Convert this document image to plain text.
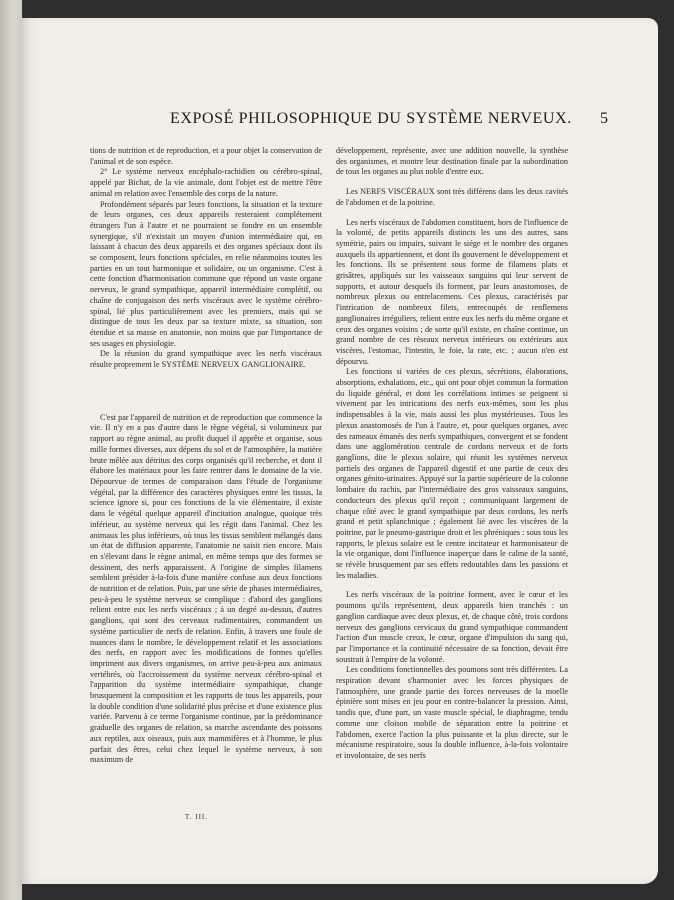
EXPOSÉ PHILOSOPHIQUE DU SYSTÈME NERVEUX. 5

tions de nutrition et de reproduction, et a pour objet la conservation de l'animal et de son espèce.

2° Le système nerveux encéphalo-rachidien ou cérébro-spinal, appelé par Bichat, de la vie animale, dont l'objet est de mettre l'être animal en relation avec l'ensemble des corps de la nature.

Profondément séparés par leurs fonctions, la situation et la texture de leurs organes, ces deux appareils resteraient complétement étrangers l'un à l'autre et ne pourraient se fondre en un ensemble synergique, s'il n'existait un moyen d'union intermédiaire qui, en laissant à chacun des deux appareils et des organes spéciaux dont ils se composent, leurs fonctions spéciales, en relie néanmoins toutes les parties en un tout harmonique et solidaire, ou un organisme. C'est à cette fonction d'harmonisation commune que répond un vaste organe nerveux, le grand sympathique, appareil intermédiaire complétif, ou chaîne de conjugaison des nerfs viscéraux avec le système cérébro-spinal, lié plus particulièrement avec les premiers, mais qui se distingue de tous les deux par sa texture mixte, sa situation, son étendue et sa masse en anatomie, non moins que par l'importance de ses usages en physiologie.

De la réunion du grand sympathique avec les nerfs viscéraux résulte proprement le SYSTÈME NERVEUX GANGLIONAIRE.

C'est par l'appareil de nutrition et de reproduction que commence la vie. Il n'y en a pas d'autre dans le règne végétal, si volumineux par rapport au règne animal, au profit duquel il apprête et organise, sous mille formes diverses, aux dépens du sol et de l'atmosphère, la matière brute mêlée aux détritus des corps organisés qu'il recherche, et dont il élabore les matériaux pour les faire rentrer dans le domaine de la vie. Dépourvue de termes de comparaison dans l'étude de l'organisme végétal, par la différence des caractères physiques entre les tissus, la science ignore si, pour ces fonctions de la vie élémentaire, il existe dans le végétal quelque appareil d'incitation analogue, quoique très inférieur, au système nerveux qui les régit dans l'animal. Chez les animaux les plus inférieurs, où tous les tissus semblent mélangés dans un état de diffusion apparente, l'anatomie ne saisit rien encore. Mais en s'élevant dans le règne animal, en même temps que des formes se dessinent, des nerfs apparaissent. A l'origine de simples filamens semblent présider à-la-fois d'une manière confuse aux deux fonctions de nutrition et de relation. Puis, par une série de phases intermédiaires, peu-à-peu le système nerveux se complique : d'abord des ganglions relient entre eux les nerfs viscéraux ; à un degré au-dessus, d'autres ganglions, qui sont des cerveaux rudimentaires, commandent un système particulier de nerfs de relation. Enfin, à travers une foule de nuances dans le nombre, le développement relatif et les associations des nerfs, en rapport avec les modifications de formes qu'elles impriment aux divers organismes, on arrive peu-à-peu aux animaux vertébrés, où l'accroissement du système nerveux cérébro-spinal et l'apparition du système intermédiaire sympathique, change brusquement la composition et les rapports de tous les appareils, pour la double condition d'une solidarité plus précise et d'une existence plus variée. Parvenu à ce terme l'organisme continue, par la prédominance graduelle des organes de relation, sa marche ascendante des poissons aux reptiles, aux oiseaux, puis aux mammifères et à l'homme, le plus parfait des êtres, celui chez lequel le système nerveux, à son maximum de

développement, représente, avec une addition nouvelle, la synthèse des organismes, et montre leur destination finale par la subordination de tous les organes au plus noble d'entre eux.

Les NERFS VISCÉRAUX sont très différens dans les deux cavités de l'abdomen et de la poitrine.

Les nerfs viscéraux de l'abdomen constituent, hors de l'influence de la volonté, de petits appareils distincts les uns des autres, sans symétrie, pairs ou impairs, suivant le siége et le nombre des organes auxquels ils appartiennent, et dont ils gouvernent le développement et les fonctions. Ils se présentent sous forme de filamens plats et grisâtres, appliqués sur les vaisseaux sanguins qui leur servent de supports, et autour desquels ils forment, par leurs anastomoses, de nombreux plexus ou entrelacemens. Ces plexus, caractérisés par l'intrication de nombreux filets, entrecoupés de renflemens ganglionaires irréguliers, relient entre eux les nerfs du même organe et ceux des organes voisins ; de sorte qu'il existe, en chaîne continue, un grand nombre de ces réseaux nerveux intérieurs ou extérieurs aux viscères, l'estomac, l'intestin, le foie, la rate, etc. ; aucun n'en est dépourvu.

Les fonctions si variées de ces plexus, sécrétions, élaborations, absorptions, exhalations, etc., qui ont pour objet commun la formation du liquide général, et dont les corrélations intimes se peignent si vivement par les intrications des nerfs eux-mêmes, sont les plus indispensables à la vie, mais aussi les plus mystérieuses. Tous les plexus anastomosés de l'un à l'autre, et, pour quelques organes, avec des rameaux émanés des nerfs sympathiques, convergent et se fondent dans une agglomération centrale de cordons nerveux et de forts ganglions, dite le plexus solaire, qui réunit les systèmes nerveux partiels des organes de l'appareil digestif et une partie de ceux des organes génito-urinaires. Appuyé sur la partie supérieure de la colonne lombaire du rachis, par l'intermédiaire des gros vaisseaux sanguins, conducteurs des plexus qu'il reçoit ; communiquant largement de chaque côté avec le grand sympathique par deux cordons, les nerfs grand et petit splanchnique ; également lié avec les viscères de la poitrine, par le pneumo-gastrique droit et les phréniques : sous tous les rapports, le plexus solaire est le centre incitateur et harmonisateur de la vie organique, dont l'influence inaperçue dans le calme de la santé, se révèle brusquement par ses effets redoutables dans les passions et les maladies.

Les nerfs viscéraux de la poitrine forment, avec le cœur et les poumons qu'ils représentent, deux appareils bien tranchés : un ganglion cardiaque avec deux plexus, et, de chaque côté, trois cordons nerveux des ganglions cervicaux du grand sympathique commandent l'action d'un muscle creux, le cœur, organe d'impulsion du sang qui, par l'importance et la continuité nécessaire de sa fonction, devait être soustrait à l'empire de la volonté.

Les conditions fonctionnelles des poumons sont très différentes. La respiration devant s'harmonier avec les forces physiques de l'atmosphère, une grande partie des forces nerveuses de la moelle épinière sont mises en jeu pour en contre-balancer la pression. Ainsi, tandis que, d'une part, un vaste muscle spécial, le diaphragme, tendu comme une cloison mobile de séparation entre la poitrine et l'abdomen, exerce l'action la plus puissante et la plus directe, sur le mécanisme respiratoire, sous la double influence, à-la-fois volontaire et involontaire, de ses nerfs

T. III.
